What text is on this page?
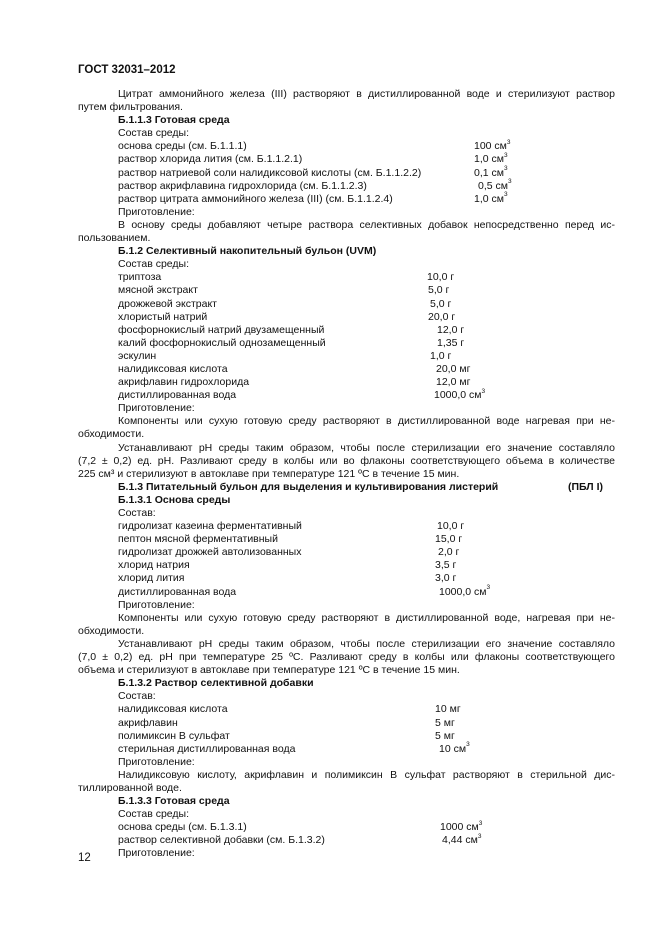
ГОСТ 32031–2012
Цитрат аммонийного железа (III) растворяют в дистиллированной воде и стерилизуют раствор
путем фильтрования.
Б.1.1.3 Готовая среда
Состав среды:
основа среды (см. Б.1.1.1)	100 $см^3$
раствор хлорида лития (см. Б.1.1.2.1)	1,0 $см^3$
раствор натриевой соли налидиксовой кислоты (см. Б.1.1.2.2)	0,1 $см^3$
раствор акрифлавина гидрохлорида (см. Б.1.1.2.3)	0,5 $см^3$
раствор цитрата аммонийного железа (III) (см. Б.1.1.2.4)	1,0 $см^3$
Приготовление:
В основу среды добавляют четыре раствора селективных добавок непосредственно перед ис-
пользованием.
Б.1.2 Селективный накопительный бульон (UVM)
Состав среды:
триптоза	10,0 г
мясной экстракт	5,0 г
дрожжевой экстракт	5,0 г
хлористый натрий	20,0 г
фосфорнокислый натрий двузамещенный	12,0 г
калий фосфорнокислый однозамещенный	1,35 г
эскулин	1,0 г
налидиксовая кислота	20,0 мг
акрифлавин гидрохлорида	12,0 мг
дистиллированная вода	1000,0 $см^3$
Приготовление:
Компоненты или сухую готовую среду растворяют в дистиллированной воде нагревая при не-
обходимости.
Устанавливают pH среды таким образом, чтобы после стерилизации его значение составляло
(7,2 ± 0,2) ед. pH. Разливают среду в колбы или во флаконы соответствующего объема в количестве
225 см³ и стерилизуют в автоклаве при температуре 121 ºС в течение 15 мин.
Б.1.3 Питательный бульон для выделения и культивирования листерий	(ПБЛ I)
Б.1.3.1 Основа среды
Состав:
гидролизат казеина ферментативный	10,0 г
пептон мясной ферментативный	15,0 г
гидролизат дрожжей автолизованных	2,0 г
хлорид натрия	3,5 г
хлорид лития	3,0 г
дистиллированная вода	1000,0 $см^3$
Приготовление:
Компоненты или сухую готовую среду растворяют в дистиллированной воде, нагревая при не-
обходимости.
Устанавливают pH среды таким образом, чтобы после стерилизации его значение составляло
(7,0 ± 0,2) ед. pH при температуре 25 ºС. Разливают среду в колбы или флаконы соответствующего
объема и стерилизуют в автоклаве при температуре 121 ºС в течение 15 мин.
Б.1.3.2 Раствор селективной добавки
Состав:
налидиксовая кислота	10 мг
акрифлавин	5 мг
полимиксин В сульфат	5 мг
стерильная дистиллированная вода	10 $см^3$
Приготовление:
Налидиксовую кислоту, акрифлавин и полимиксин В сульфат растворяют в стерильной дис-
тиллированной воде.
Б.1.3.3 Готовая среда
Состав среды:
основа среды (см. Б.1.3.1)	1000 $см^3$
раствор селективной добавки (см. Б.1.3.2)	4,44 $см^3$
Приготовление:
12
